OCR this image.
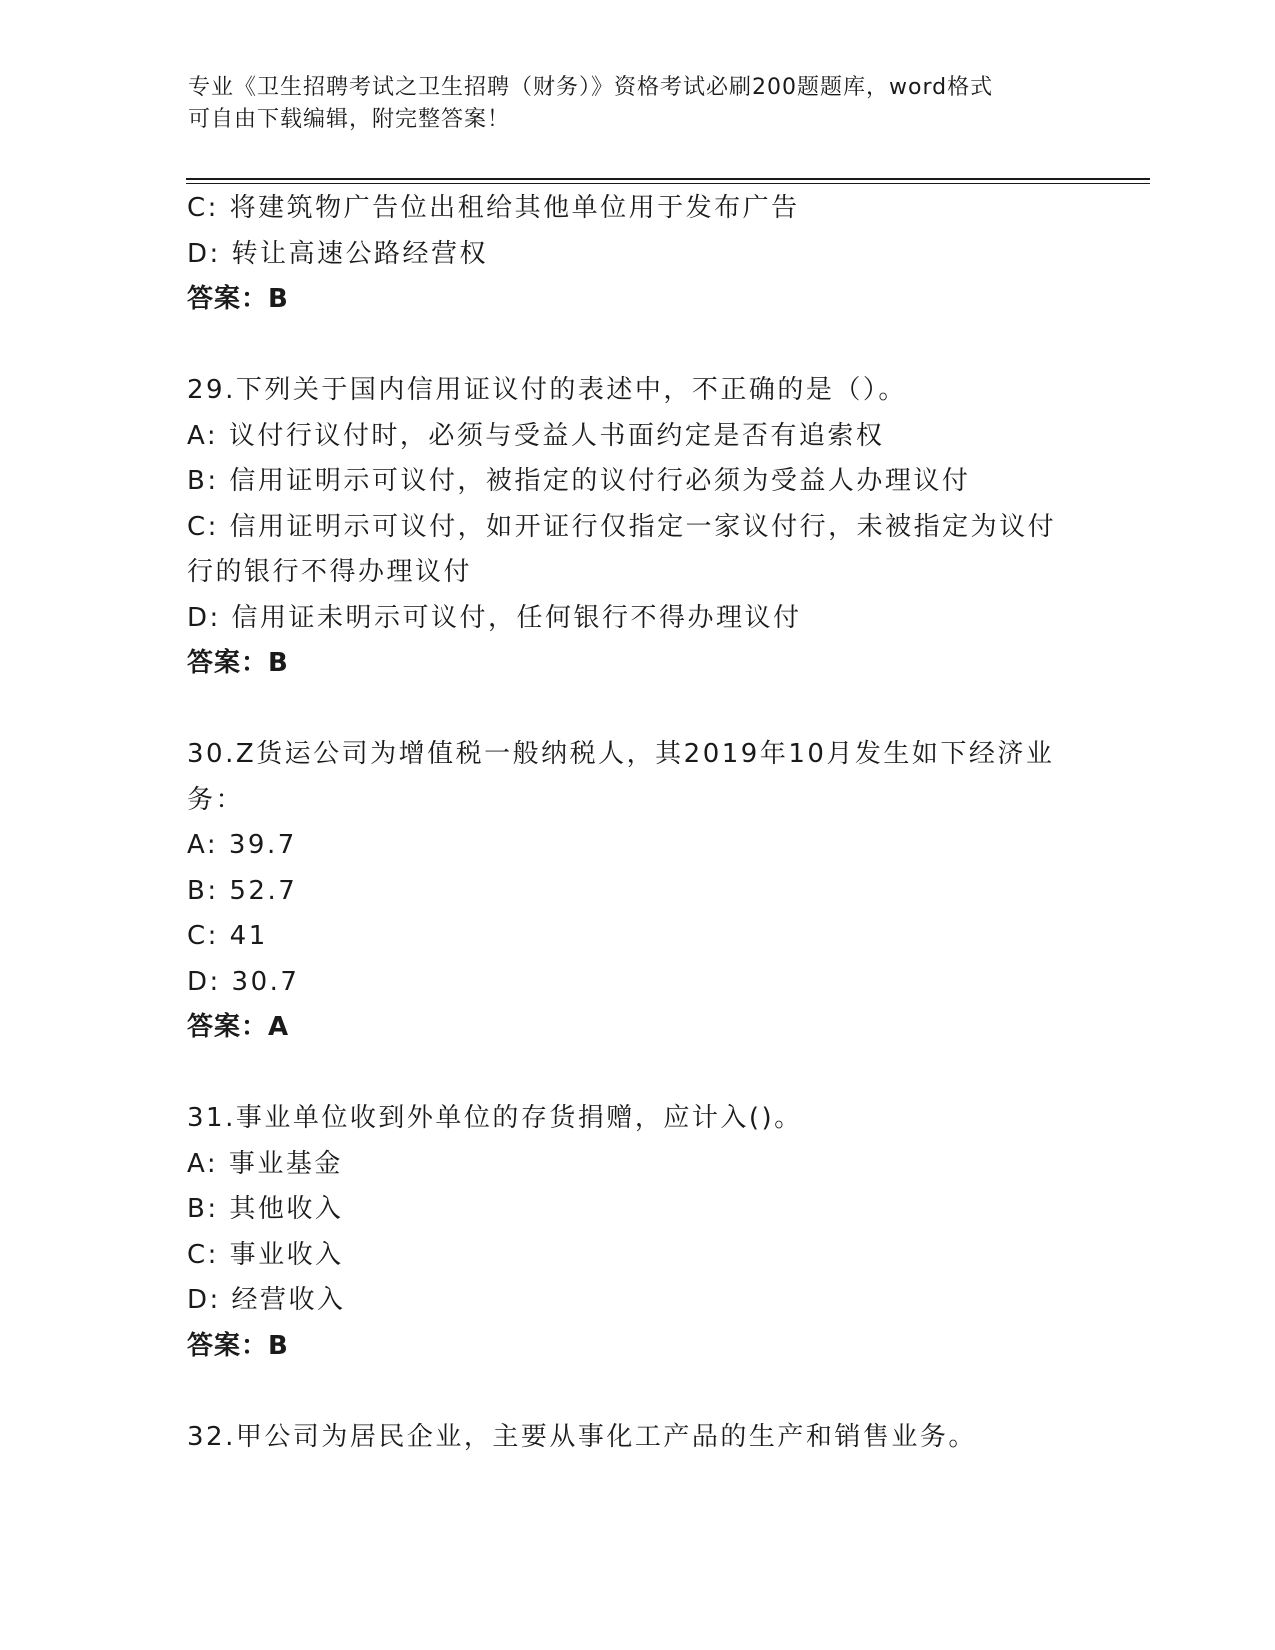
专业《卫生招聘考试之卫生招聘（财务）》资格考试必刷200题题库，word格式
可自由下载编辑，附完整答案！
C: 将建筑物广告位出租给其他单位用于发布广告
D: 转让高速公路经营权
答案：B
29.下列关于国内信用证议付的表述中，不正确的是（）。
A: 议付行议付时，必须与受益人书面约定是否有追索权
B: 信用证明示可议付，被指定的议付行必须为受益人办理议付
C: 信用证明示可议付，如开证行仅指定一家议付行，未被指定为议付
行的银行不得办理议付
D: 信用证未明示可议付，任何银行不得办理议付
答案：B
30.Z货运公司为增值税一般纳税人，其2019年10月发生如下经济业
务：
A: 39.7
B: 52.7
C: 41
D: 30.7
答案：A
31.事业单位收到外单位的存货捐赠，应计入()。
A: 事业基金
B: 其他收入
C: 事业收入
D: 经营收入
答案：B
32.甲公司为居民企业，主要从事化工产品的生产和销售业务。
